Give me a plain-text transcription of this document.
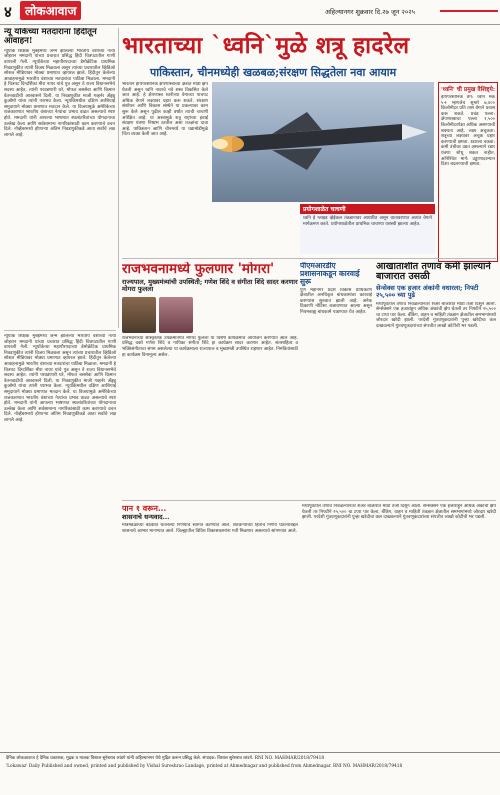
४	लोकआवाज	अहिल्यानगर शुक्रवार दि.२७ जून २०२५
न्यू यॉर्कच्या मतदारांना हिंदीतून आवाहन!
न्यूयॉर्क शिक्षक मुंबईमध्ये जन्म झालेल्या भारतीय वंशाच्या नेत्या जोहरान ममदानी यांच्या प्रचारात प्रसिद्ध हिंदी चित्रपटातील गाणी वापरली गेली. न्यूयॉर्कच्या महापौरपदाच्या डेमोक्रॅटिक प्राथमिक निवडणुकीत त्यांनी विजय मिळवला असून त्यांच्या प्रचारातील व्हिडिओ सोशल मीडियावर मोठ्या प्रमाणात व्हायरल झाले. हिंदीतून केलेल्या आवाहनामुळे भारतीय वंशाच्या मतदारांचा पाठिंबा मिळाला. ममदानी हे चित्रपट दिग्दर्शिका मीरा नायर यांचे पुत्र असून ते राज्य विधानसभेचे सदस्य आहेत. त्यांनी परवडणारी घरे, मोफत बससेवा आणि किमान वेतनवाढीची आश्वासने दिली. या निवडणुकीत माजी गव्हर्नर अँड्र्यू कुओमो यांचा त्यांनी पराभव केला. न्यूयॉर्कमधील दक्षिण आशियाई समुदायाने मोठ्या प्रमाणात मतदान केले. या विजयामुळे अमेरिकेच्या राजकारणात भारतीय वंशाच्या नेत्यांचा प्रभाव वाढत असल्याचे स्पष्ट होते. ममदानी यांनी आपल्या भाषणात स्थलांतरितांच्या योगदानाचा उल्लेख केला आणि सर्वसामान्य नागरिकांसाठी काम करण्याचे वचन दिले. नोव्हेंबरमध्ये होणाऱ्या अंतिम निवडणुकीकडे आता सर्वांचे लक्ष लागले आहे.
भारताच्या `ध्वनि`मुळे शत्रू हादरेल
पाकिस्तान, चीनमध्येही खळबळ;संरक्षण सिद्धतेला नवा आयाम
भारताने हायपरसोनिक क्षेपणास्त्राच्या क्षेत्रात मोठी झेप घेतली असून ध्वनि नावाचे नवे शस्त्र विकसित केले जात आहे. हे क्षेपणास्त्र ध्वनीच्या वेगाच्या पाचपट अधिक वेगाने लक्ष्यावर प्रहार करू शकते. संरक्षण संशोधन आणि विकास संस्थेने या प्रकल्पावर काम सुरू केले असून पुढील काही वर्षांत त्याची चाचणी अपेक्षित आहे. या अस्त्रामुळे शत्रू राष्ट्रांच्या हवाई संरक्षण यंत्रणा निष्प्रभ ठरतील असा तज्ज्ञांचा दावा आहे. पाकिस्तान आणि चीनमध्ये या घडामोडीमुळे चिंता व्यक्त केली जात आहे.
प्रयोगशाळेत चाचणी
ध्वनि हे ग्लाइड व्हेईकल तंत्रज्ञानावर आधारित असून वातावरणात अत्यंत वेगाने मार्गक्रमण करते. प्रयोगशाळेतील प्राथमिक चाचण्या यशस्वी झाल्या आहेत.
'ध्वनि' ची प्रमुख वैशिष्ट्ये:
हायपरसोनिक वेग: ध्वनि मॅक ५+ म्हणजेच सुमारे ७,४०० किलोमीटर प्रति तास वेगाने प्रवास करू शकते. प्रचंड पल्ला: क्षेपणास्त्राचा पल्ला १,५०० किलोमीटरपेक्षा अधिक असण्याची शक्यता आहे. लक्ष्य अचूकता: शत्रूच्या लक्ष्यावर अचूक प्रहार करण्याची क्षमता. रडारला चकवा: कमी उंचीवर उडत असल्याने रडार यंत्रणा शोधू शकत नाहीत. अनिश्चित मार्ग: उड्डाणादरम्यान दिशा बदलण्याची क्षमता.
पीएमआरडीए प्रशासनाकडून कारवाई सुरू
पुणे महानगर प्रदेश विकास प्राधिकरण क्षेत्रातील अनधिकृत बांधकामांवर कारवाई करण्यास सुरुवात झाली आहे. अनेक ठिकाणी नोटिसा बजावण्यात आल्या असून नियमबाह्य बांधकामे पाडण्यात येत आहेत.
राजभवनामध्ये फुलणार 'मोगरा'
राज्यपाल, मुख्यमंत्र्यांची उपस्थिती; गणेश शिंदे व संगीता शिंदे सादर करणार मोगरा फुलला
राजभवनाच्या सांस्कृतिक उपक्रमांतर्गत मोगरा फुलला या विशेष कार्यक्रमाचे आयोजन करण्यात आले आहे. प्रसिद्ध वक्ते गणेश शिंदे व गायिका संगीता शिंदे हा कार्यक्रम सादर करणार आहेत. संतसाहित्य व भक्तिसंगीताचा संगम असलेल्या या कार्यक्रमाला राज्यपाल व मुख्यमंत्री उपस्थित राहणार आहेत. निमंत्रितांसाठी हा कार्यक्रम विनामूल्य असेल.
आखाताशीत तणाव कमी झाल्याने बाजारात उसळी
सेन्सेक्स एक हजार अंकांनी वधारला; निफ्टी २५,५०० च्या पुढे
मध्यपूर्वेतील तणाव निवळल्यानंतर शेअर बाजारात मोठी तेजी दिसून आली. सेन्सेक्सने एक हजारांहून अधिक अंकांची झेप घेतली तर निफ्टीने २५,५०० चा टप्पा पार केला. बँकिंग, वाहन व माहिती तंत्रज्ञान क्षेत्रातील समभागांमध्ये जोरदार खरेदी झाली. परदेशी गुंतवणूकदारांनी पुन्हा खरेदीचा कल दाखवल्याने गुंतवणूकदारांच्या संपत्तीत लाखो कोटींची भर पडली.
न्यूयॉर्क शिक्षक मुंबईमध्ये जन्म झालेल्या भारतीय वंशाच्या नेत्या जोहरान ममदानी यांच्या प्रचारात प्रसिद्ध हिंदी चित्रपटातील गाणी वापरली गेली. न्यूयॉर्कच्या महापौरपदाच्या डेमोक्रॅटिक प्राथमिक निवडणुकीत त्यांनी विजय मिळवला असून त्यांच्या प्रचारातील व्हिडिओ सोशल मीडियावर मोठ्या प्रमाणात व्हायरल झाले. हिंदीतून केलेल्या आवाहनामुळे भारतीय वंशाच्या मतदारांचा पाठिंबा मिळाला. ममदानी हे चित्रपट दिग्दर्शिका मीरा नायर यांचे पुत्र असून ते राज्य विधानसभेचे सदस्य आहेत. त्यांनी परवडणारी घरे, मोफत बससेवा आणि किमान वेतनवाढीची आश्वासने दिली. या निवडणुकीत माजी गव्हर्नर अँड्र्यू कुओमो यांचा त्यांनी पराभव केला. न्यूयॉर्कमधील दक्षिण आशियाई समुदायाने मोठ्या प्रमाणात मतदान केले. या विजयामुळे अमेरिकेच्या राजकारणात भारतीय वंशाच्या नेत्यांचा प्रभाव वाढत असल्याचे स्पष्ट होते. ममदानी यांनी आपल्या भाषणात स्थलांतरितांच्या योगदानाचा उल्लेख केला आणि सर्वसामान्य नागरिकांसाठी काम करण्याचे वचन दिले. नोव्हेंबरमध्ये होणाऱ्या अंतिम निवडणुकीकडे आता सर्वांचे लक्ष लागले आहे.
पान १ वरून...
शासनाचे धन्यवाद...
मंत्रिमंडळाच्या बैठकीत घेतलेल्या निर्णयांचे स्वागत करण्यात आले. शेतकऱ्यांच्या हिताचे निर्णय घेतल्याबद्दल शासनाचे आभार मानण्यात आले. जिल्ह्यातील विविध विकासकामांना गती मिळणार असल्याचे सांगण्यात आले.
मध्यपूर्वेतील तणाव निवळल्यानंतर शेअर बाजारात मोठी तेजी दिसून आली. सेन्सेक्सने एक हजारांहून अधिक अंकांची झेप घेतली तर निफ्टीने २५,५०० चा टप्पा पार केला. बँकिंग, वाहन व माहिती तंत्रज्ञान क्षेत्रातील समभागांमध्ये जोरदार खरेदी झाली. परदेशी गुंतवणूकदारांनी पुन्हा खरेदीचा कल दाखवल्याने गुंतवणूकदारांच्या संपत्तीत लाखो कोटींची भर पडली.
दैनिक लोकआवाज हे दैनिक प्रकाशक, मुद्रक व मालक विशाल सुरेशराव लांडगे यांनी अहिल्यानगर येथे मुद्रित करून प्रसिद्ध केले. संपादक: विशाल सुरेशराव लांडगे. RNI NO. MAHMAR/2018/79418
'Lokawaz' Daily Published and owned, printed and published by Vishal Sureshrao Landage, printed at Ahmednagar and published from Ahmednagar. RNI NO. MAHMAR/2018/79418
